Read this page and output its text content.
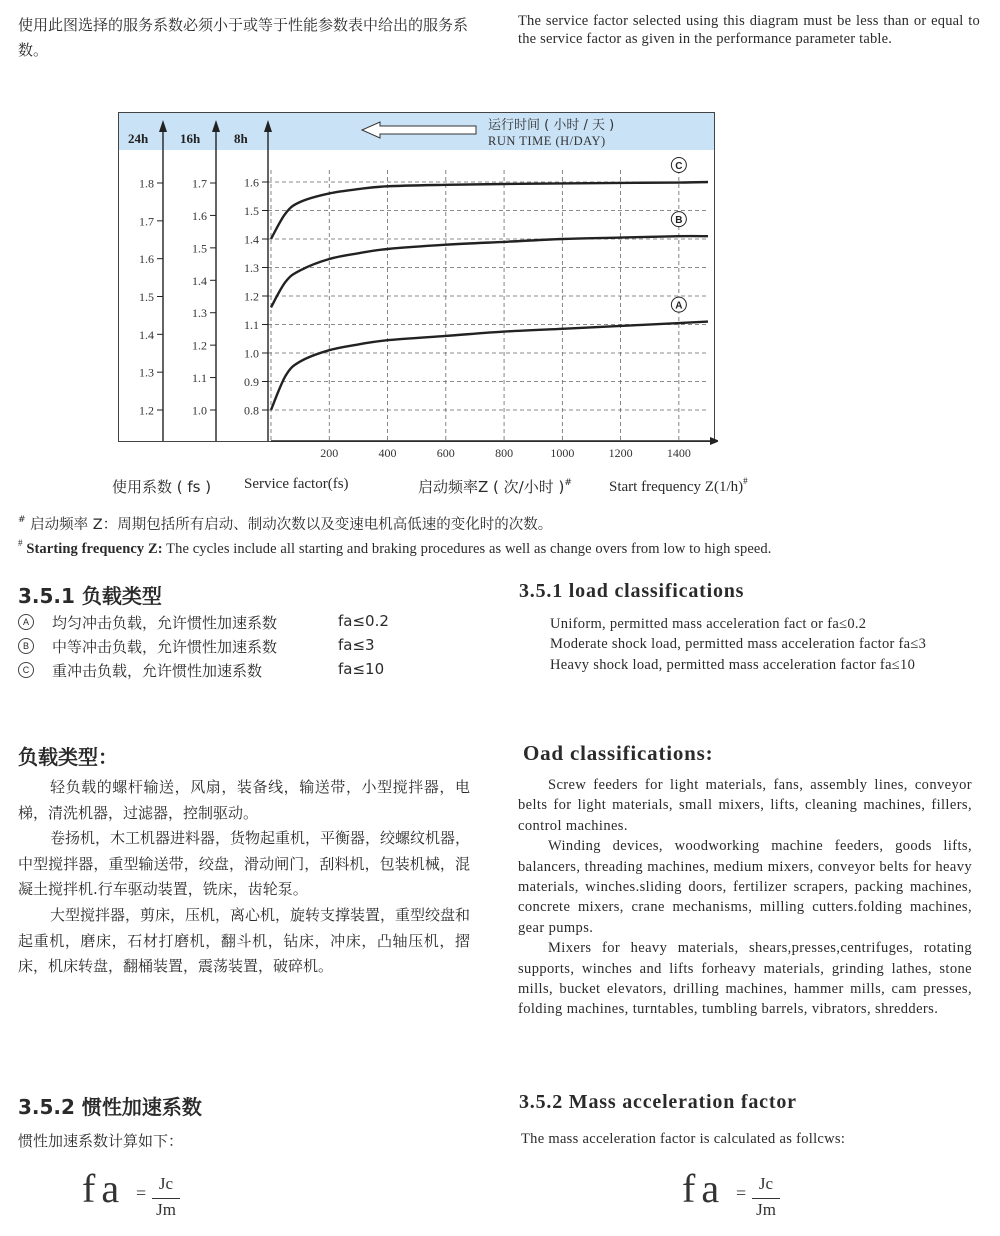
使用此图选择的服务系数必须小于或等于性能参数表中给出的服务系数。
The service factor selected using this diagram must be less than or equal to the service factor as given in the performance parameter table.
24h 16h	8h
运行时间 ( 小时 / 天 )
RUN TIME (H/DAY)
1.8
1.7
1.6
1.5
1.4
1.3
1.2
1.7
1.6
1.5
1.4
1.3
1.2
1.1
1.0
1.6
1.5
1.4
1.3
1.2
1.1
1.0
0.9
0.8
200	400	600	800	1000	1200	1400
C
B
A
使用系数 ( fs ) Service factor(fs)	启动频率Z ( 次/小时 )# Start frequency Z(1/h)#
# 启动频率 Z：周期包括所有启动、制动次数以及变速电机高低速的变化时的次数。
# Starting frequency Z: The cycles include all starting and braking procedures as well as change overs from low to high speed.
3.5.1 负载类型	3.5.1 load classifications
A	均匀冲击负载，允许惯性加速系数	fa≤0.2
B	中等冲击负载，允许惯性加速系数	fa≤3
C	重冲击负载，允许惯性加速系数	fa≤10

Uniform, permitted mass acceleration fact or fa≤0.2

Moderate shock load, permitted mass acceleration factor fa≤3

Heavy shock load, permitted mass acceleration factor fa≤10

负载类型：	Oad classifications:

轻负载的螺杆输送，风扇，装备线，输送带，小型搅拌器，电梯，清洗机器，过滤器，控制驱动。

卷扬机，木工机器进料器，货物起重机，平衡器，绞螺纹机器，中型搅拌器，重型输送带，绞盘，滑动闸门，刮料机，包装机械，混凝土搅拌机.行车驱动装置，铣床，齿轮泵。

大型搅拌器，剪床，压机，离心机，旋转支撑装置，重型绞盘和起重机，磨床，石材打磨机，翻斗机，钻床，冲床，凸轴压机，摺床，机床转盘，翻桶装置，震荡装置，破碎机。

Screw feeders for light materials, fans, assembly lines, conveyor belts for light materials, small mixers, lifts, cleaning machines, fillers, control machines.

Winding devices, woodworking machine feeders, goods lifts, balancers, threading machines, medium mixers, conveyor belts for heavy materials, winches.sliding doors, fertilizer scrapers, packing machines, concrete mixers, crane mechanisms, milling cutters.folding machines, gear pumps.

Mixers for heavy materials, shears,presses,centrifuges, rotating supports, winches and lifts forheavy materials, grinding lathes, stone mills, bucket elevators, drilling machines, hammer mills, cam presses, folding machines, turntables, tumbling barrels, vibrators, shredders.

3.5.2 惯性加速系数	3.5.2 Mass acceleration factor
惯性加速系数计算如下：	The mass acceleration factor is calculated as follcws:
fa = Jc
Jm	fa = Jc
Jm
